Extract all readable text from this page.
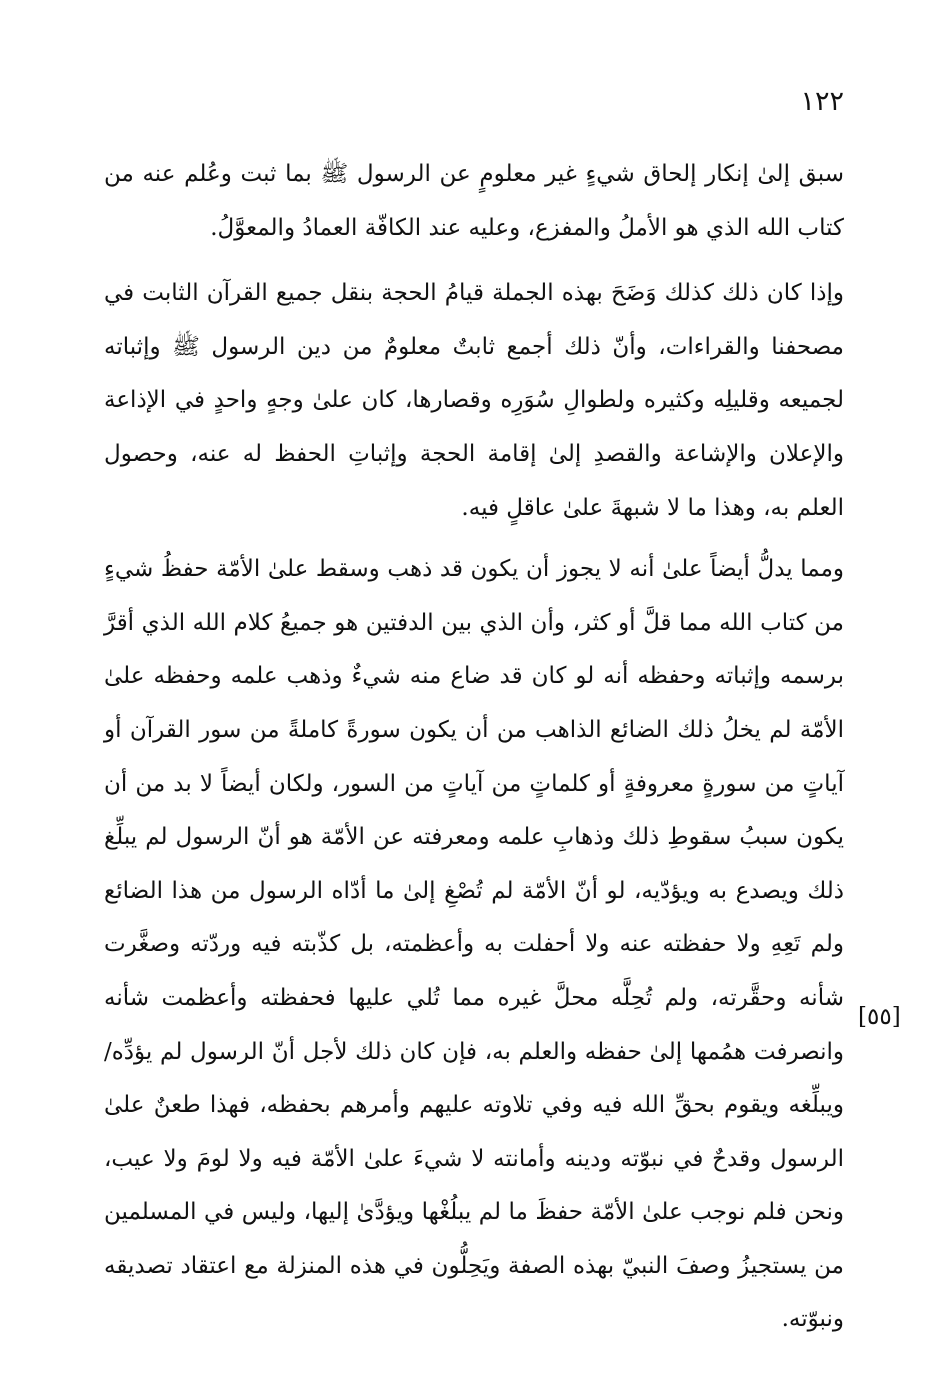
١٢٢

سبق إلىٰ إنكار إلحاق شيءٍ غير معلومٍ عن الرسول ﷺ بما ثبت وعُلم عنه من كتاب الله الذي هو الأملُ والمفزع، وعليه عند الكافّة العمادُ والمعوَّلُ.

وإذا كان ذلك كذلك وَضَحَ بهذه الجملة قيامُ الحجة بنقل جميع القرآن الثابت في مصحفنا والقراءات، وأنّ ذلك أجمع ثابتٌ معلومٌ من دين الرسول ﷺ وإثباته لجميعه وقليلِه وكثيره ولطوالِ سُوَرِه وقصارها، كان علىٰ وجهٍ واحدٍ في الإذاعة والإعلان والإشاعة والقصدِ إلىٰ إقامة الحجة وإثباتِ الحفظ له عنه، وحصول العلم به، وهذا ما لا شبهةَ علىٰ عاقلٍ فيه.

ومما يدلُّ أيضاً علىٰ أنه لا يجوز أن يكون قد ذهب وسقط علىٰ الأمّة حفظُ شيءٍ من كتاب الله مما قلَّ أو كثر، وأن الذي بين الدفتين هو جميعُ كلام الله الذي أقرَّ برسمه وإثباته وحفظه أنه لو كان قد ضاع منه شيءٌ وذهب علمه وحفظه علىٰ الأمّة لم يخلُ ذلك الضائع الذاهب من أن يكون سورةً كاملةً من سور القرآن أو آياتٍ من سورةٍ معروفةٍ أو كلماتٍ من آياتٍ من السور، ولكان أيضاً لا بد من أن يكون سببُ سقوطِ ذلك وذهابِ علمه ومعرفته عن الأمّة هو أنّ الرسول لم يبلِّغ ذلك ويصدع به ويؤدّيه، لو أنّ الأمّة لم تُصْغِ إلىٰ ما أدّاه الرسول من هذا الضائع ولم تَعِهِ ولا حفظته عنه ولا أحفلت به وأعظمته، بل كذّبته فيه وردّته وصغَّرت شأنه وحقَّرته، ولم تُحِلَّه محلَّ غيره مما تُلي عليها فحفظته وأعظمت شأنه وانصرفت همُمها إلىٰ حفظه والعلم به، فإن كان ذلك لأجل أنّ الرسول لم يؤدِّه/ ويبلِّغه ويقوم بحقِّ الله فيه وفي تلاوته عليهم وأمرهم بحفظه، فهذا طعنٌ علىٰ الرسول وقدحٌ في نبوّته ودينه وأمانته لا شيءَ علىٰ الأمّة فيه ولا لومَ ولا عيب، ونحن فلم نوجب علىٰ الأمّة حفظَ ما لم يبلُغْها ويؤدَّىٰ إليها، وليس في المسلمين من يستجيزُ وصفَ النبيّ بهذه الصفة ويَحِلُّون في هذه المنزلة مع اعتقاد تصديقه ونبوّته.

[٥٥]
